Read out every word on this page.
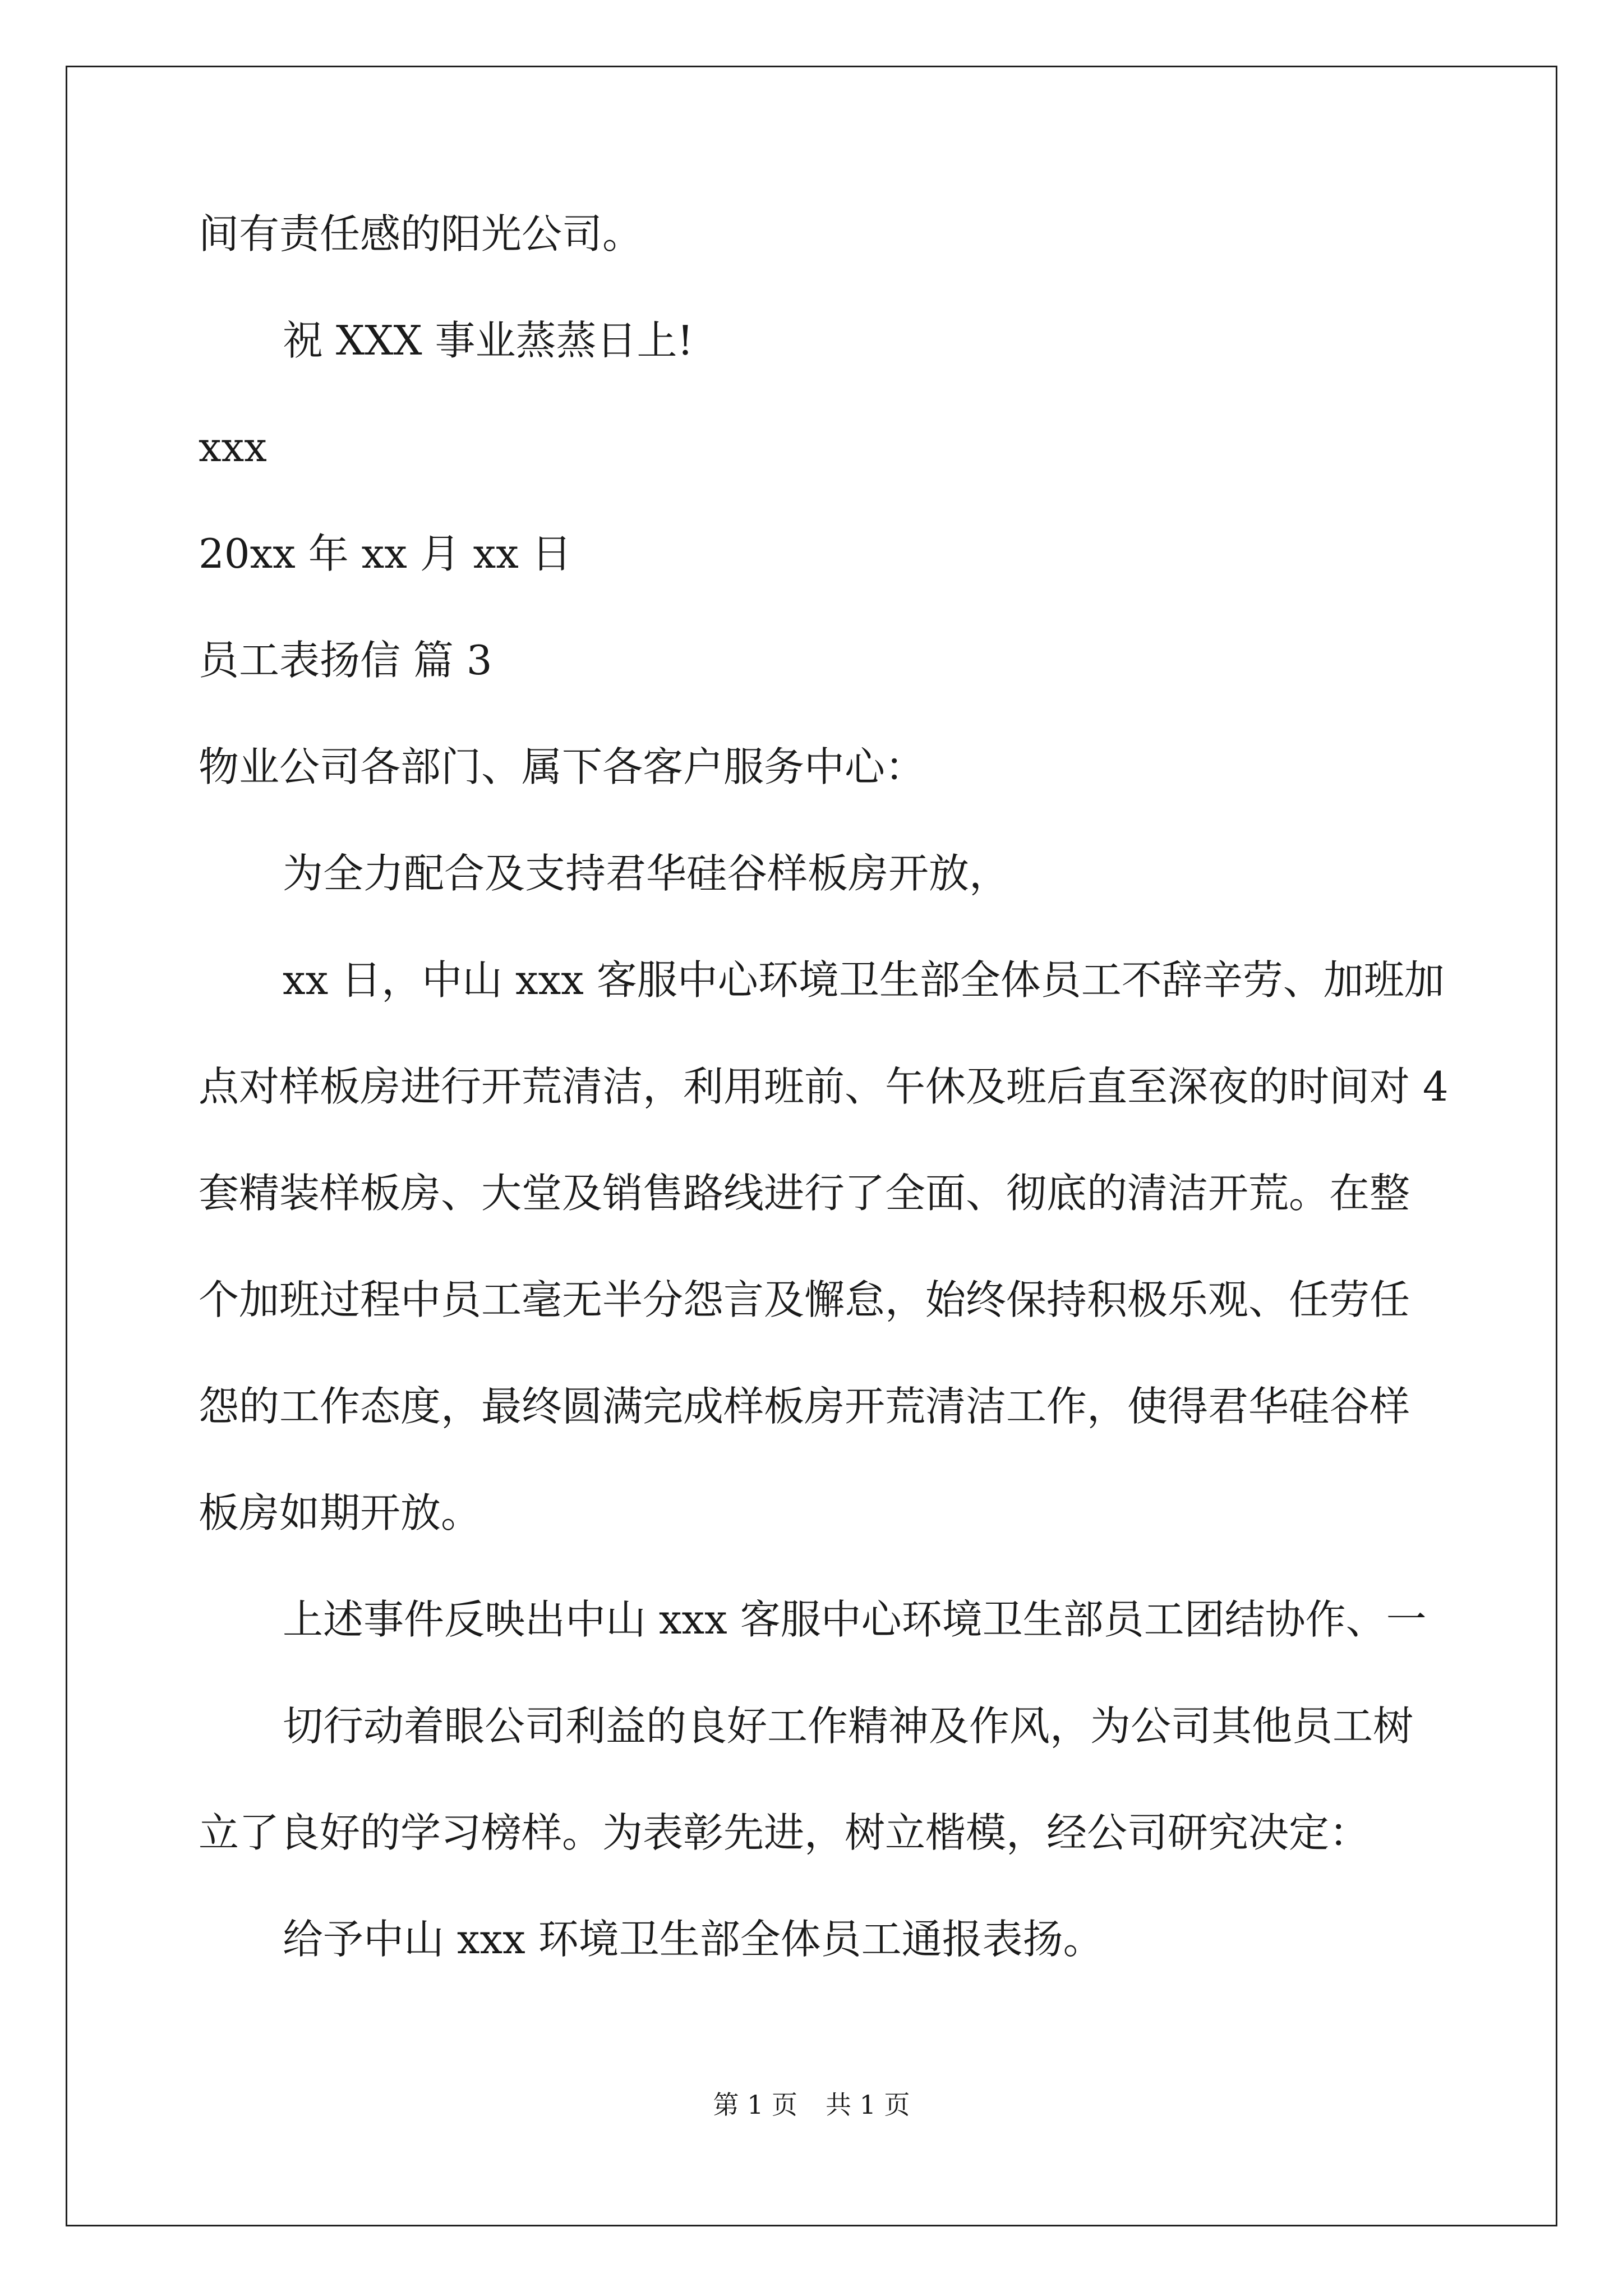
间有责任感的阳光公司。
祝 XXX 事业蒸蒸日上!
xxx
20xx 年 xx 月 xx 日
员工表扬信 篇 3
物业公司各部门、属下各客户服务中心：
为全力配合及支持君华硅谷样板房开放，
xx 日，中山 xxx 客服中心环境卫生部全体员工不辞辛劳、加班加
点对样板房进行开荒清洁，利用班前、午休及班后直至深夜的时间对 4
套精装样板房、大堂及销售路线进行了全面、彻底的清洁开荒。在整
个加班过程中员工毫无半分怨言及懈怠，始终保持积极乐观、任劳任
怨的工作态度，最终圆满完成样板房开荒清洁工作，使得君华硅谷样
板房如期开放。
上述事件反映出中山 xxx 客服中心环境卫生部员工团结协作、一
切行动着眼公司利益的良好工作精神及作风，为公司其他员工树
立了良好的学习榜样。为表彰先进，树立楷模，经公司研究决定：
给予中山 xxx 环境卫生部全体员工通报表扬。
第 1 页 共 1 页
